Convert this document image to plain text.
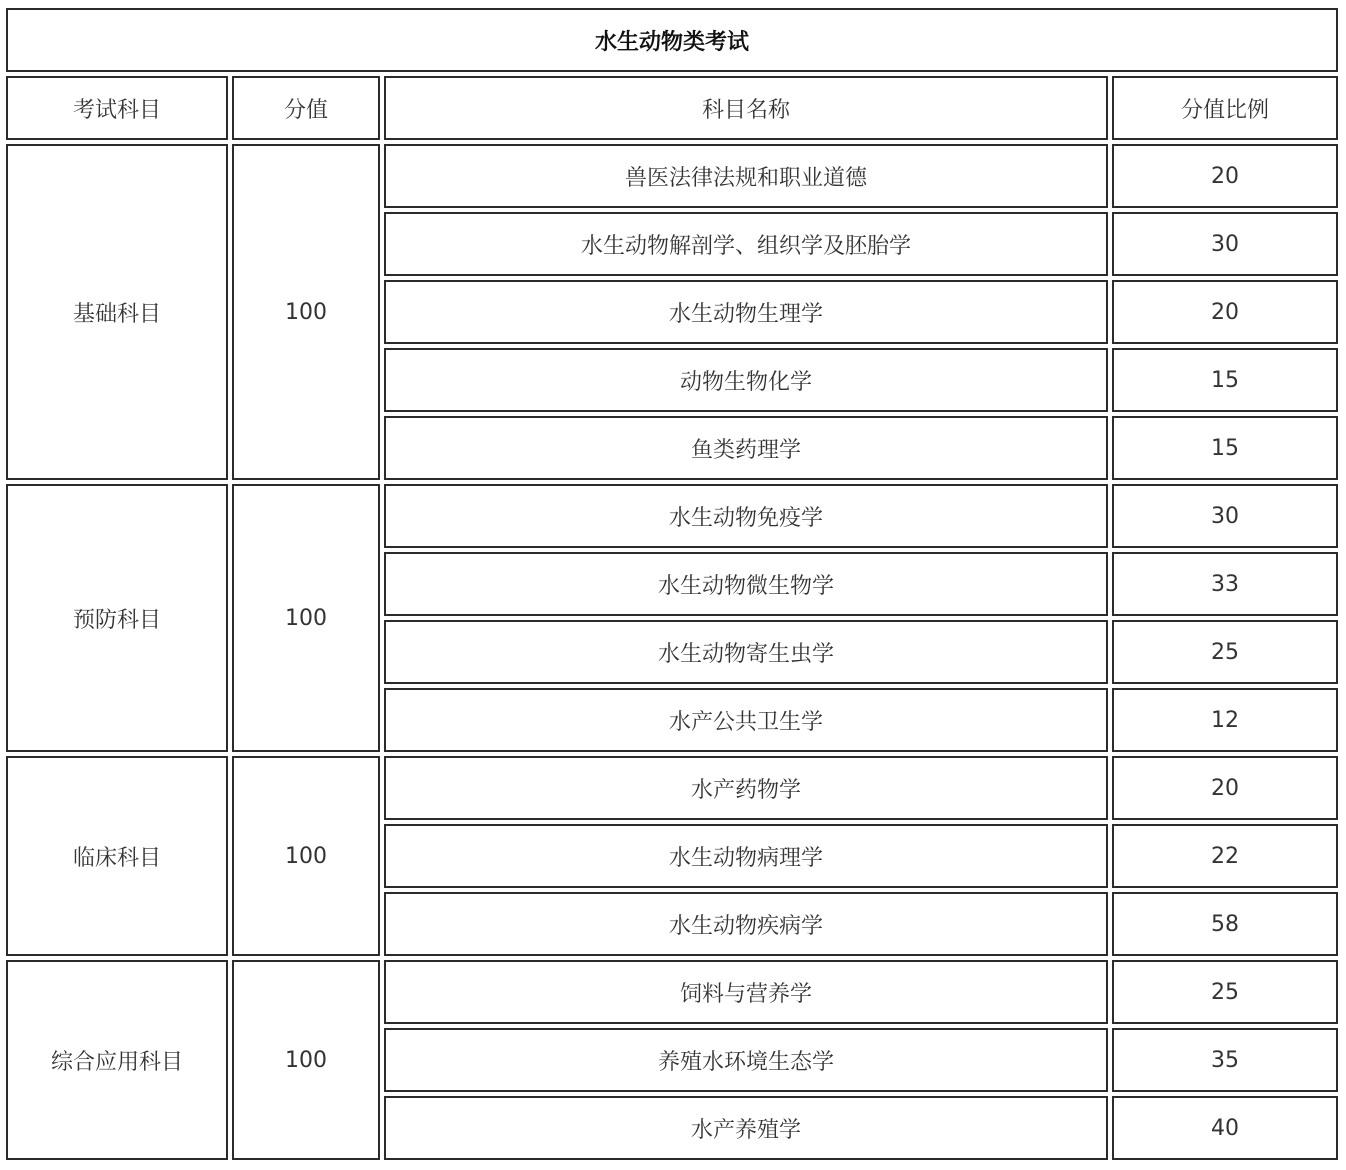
水生动物类考试
考试科目	分值	科目名称	分值比例
基础科目	100
兽医法律法规和职业道德	20
水生动物解剖学、组织学及胚胎学	30
水生动物生理学	20
动物生物化学	15
鱼类药理学	15
预防科目	100
水生动物免疫学	30
水生动物微生物学	33
水生动物寄生虫学	25
水产公共卫生学	12
临床科目	100
水产药物学	20
水生动物病理学	22
水生动物疾病学	58
综合应用科目	100
饲料与营养学	25
养殖水环境生态学	35
水产养殖学	40
